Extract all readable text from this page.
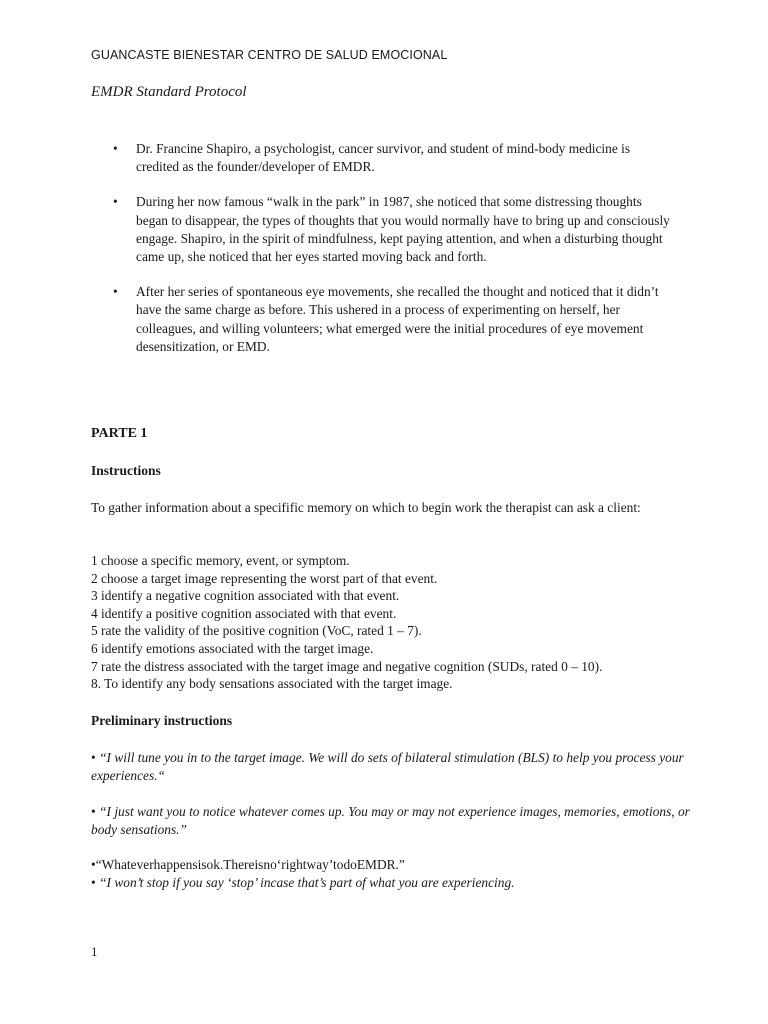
GUANCASTE BIENESTAR CENTRO DE SALUD EMOCIONAL
EMDR Standard Protocol
• Dr. Francine Shapiro, a psychologist, cancer survivor, and student of mind-body medicine is credited as the founder/developer of EMDR.
• During her now famous “walk in the park” in 1987, she noticed that some distressing thoughts began to disappear, the types of thoughts that you would normally have to bring up and consciously engage. Shapiro, in the spirit of mindfulness, kept paying attention, and when a disturbing thought came up, she noticed that her eyes started moving back and forth.
• After her series of spontaneous eye movements, she recalled the thought and noticed that it didn’t have the same charge as before. This ushered in a process of experimenting on herself, her colleagues, and willing volunteers; what emerged were the initial procedures of eye movement desensitization, or EMD.
PARTE 1
Instructions
To gather information about a specifific memory on which to begin work the therapist can ask a client:
1 choose a specific memory, event, or symptom.
2 choose a target image representing the worst part of that event.
3 identify a negative cognition associated with that event.
4 identify a positive cognition associated with that event.
5 rate the validity of the positive cognition (VoC, rated 1 – 7).
6 identify emotions associated with the target image.
7 rate the distress associated with the target image and negative cognition (SUDs, rated 0 – 10).
8. To identify any body sensations associated with the target image.
Preliminary instructions
• “I will tune you in to the target image. We will do sets of bilateral stimulation (BLS) to help you process your experiences.“
• “I just want you to notice whatever comes up. You may or may not experience images, memories, emotions, or body sensations.”
•“Whateverhappensisok.Thereisno‘rightway’todoEMDR.”
• “I won’t stop if you say ‘stop’ incase that’s part of what you are experiencing.
1
